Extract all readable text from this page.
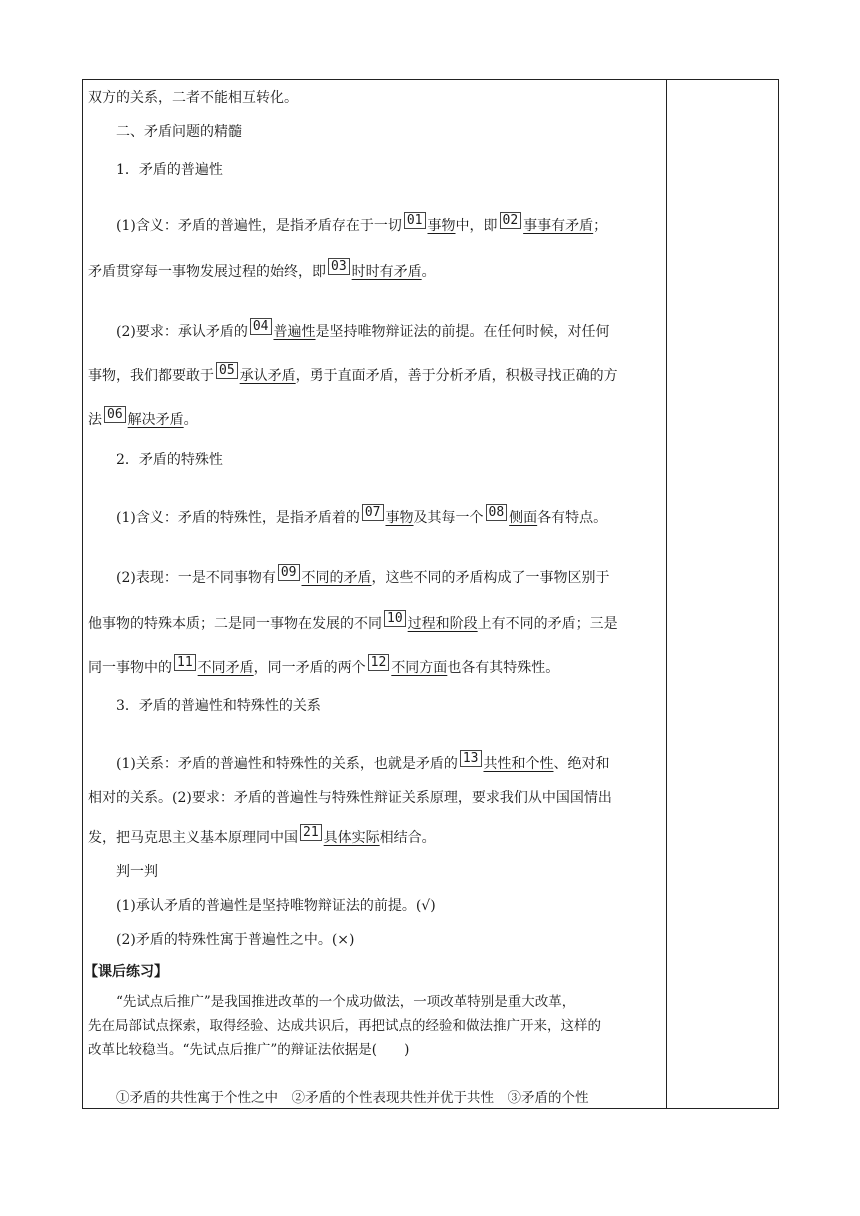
双方的关系，二者不能相互转化。
二、矛盾问题的精髓
1．矛盾的普遍性
(1)含义：矛盾的普遍性，是指矛盾存在于一切 01 事物中，即 02 事事有矛盾；
矛盾贯穿每一事物发展过程的始终，即 03 时时有矛盾。
(2)要求：承认矛盾的 04 普遍性是坚持唯物辩证法的前提。在任何时候，对任何
事物，我们都要敢于 05 承认矛盾，勇于直面矛盾，善于分析矛盾，积极寻找正确的方
法 06 解决矛盾。
2．矛盾的特殊性
(1)含义：矛盾的特殊性，是指矛盾着的 07 事物及其每一个 08 侧面各有特点。
(2)表现：一是不同事物有 09 不同的矛盾，这些不同的矛盾构成了一事物区别于
他事物的特殊本质；二是同一事物在发展的不同 10 过程和阶段上有不同的矛盾；三是
同一事物中的 11 不同矛盾，同一矛盾的两个 12 不同方面也各有其特殊性。
3．矛盾的普遍性和特殊性的关系
(1)关系：矛盾的普遍性和特殊性的关系，也就是矛盾的 13 共性和个性、绝对和
相对的关系。(2)要求：矛盾的普遍性与特殊性辩证关系原理，要求我们从中国国情出
发，把马克思主义基本原理同中国 21 具体实际相结合。
判一判
(1)承认矛盾的普遍性是坚持唯物辩证法的前提。(√)
(2)矛盾的特殊性寓于普遍性之中。(×)
【课后练习】
“先试点后推广”是我国推进改革的一个成功做法，一项改革特别是重大改革，
先在局部试点探索，取得经验、达成共识后，再把试点的经验和做法推广开来，这样的
改革比较稳当。“先试点后推广”的辩证法依据是(　　)
①矛盾的共性寓于个性之中　②矛盾的个性表现共性并优于共性　③矛盾的个性
